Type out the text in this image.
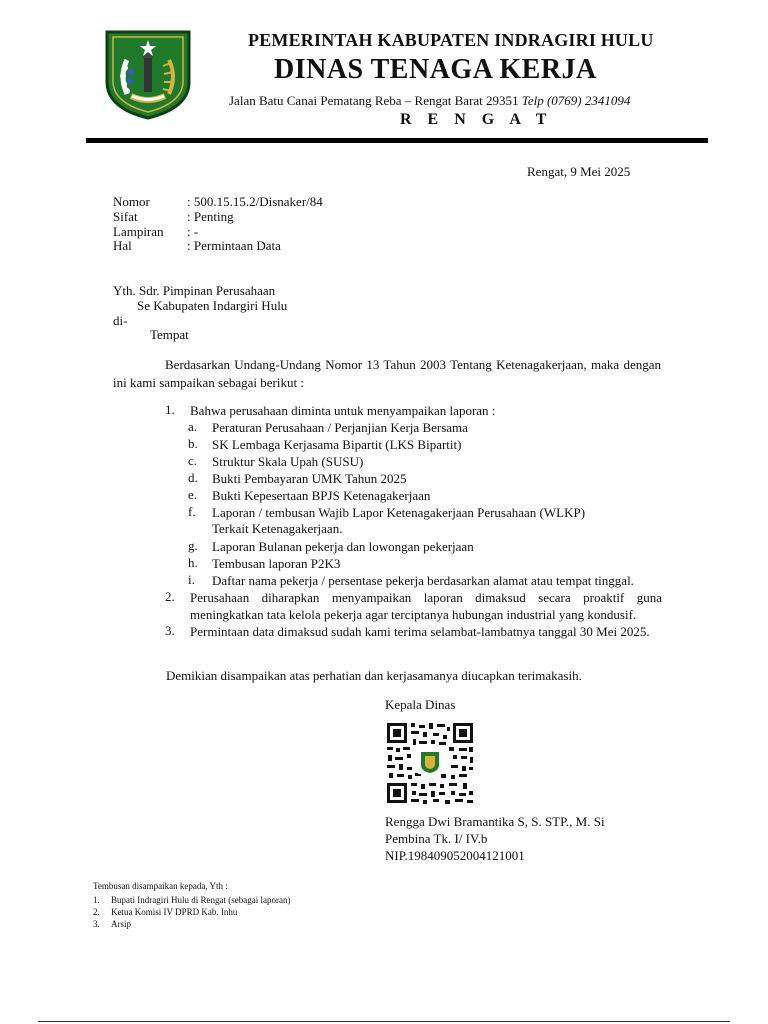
PEMERINTAH KABUPATEN INDRAGIRI HULU
DINAS TENAGA KERJA
Jalan Batu Canai Pematang Reba – Rengat Barat 29351 Telp (0769) 2341094
R E N G A T
Rengat, 9 Mei 2025
Nomor	: 500.15.15.2/Disnaker/84
Sifat	: Penting
Lampiran : -
Hal	: Permintaan Data
Yth. Sdr. Pimpinan Perusahaan
Se Kabupaten Indargiri Hulu
di-
Tempat
Berdasarkan Undang-Undang Nomor 13 Tahun 2003 Tentang Ketenagakerjaan, maka dengan ini kami sampaikan sebagai berikut :
1. Bahwa perusahaan diminta untuk menyampaikan laporan :
a. Peraturan Perusahaan / Perjanjian Kerja Bersama
b. SK Lembaga Kerjasama Bipartit (LKS Bipartit)
c. Struktur Skala Upah (SUSU)
d. Bukti Pembayaran UMK Tahun 2025
e. Bukti Kepesertaan BPJS Ketenagakerjaan
f. Laporan / tembusan Wajib Lapor Ketenagakerjaan Perusahaan (WLKP)
Terkait Ketenagakerjaan.
g. Laporan Bulanan pekerja dan lowongan pekerjaan
h. Tembusan laporan P2K3
i. Daftar nama pekerja / persentase pekerja berdasarkan alamat atau tempat tinggal.
2. Perusahaan diharapkan menyampaikan laporan dimaksud secara proaktif guna meningkatkan tata kelola pekerja agar terciptanya hubungan industrial yang kondusif.
3. Permintaan data dimaksud sudah kami terima selambat-lambatnya tanggal 30 Mei 2025.
Demikian disampaikan atas perhatian dan kerjasamanya diucapkan terimakasih.
Kepala Dinas
Rengga Dwi Bramantika S, S. STP., M. Si
Pembina Tk. I/ IV.b
NIP.198409052004121001
Tembusan disampaikan kepada, Yth :
1. Bupati Indragiri Hulu di Rengat (sebagai laporan)
2. Ketua Komisi IV DPRD Kab. Inhu
3. Arsip
